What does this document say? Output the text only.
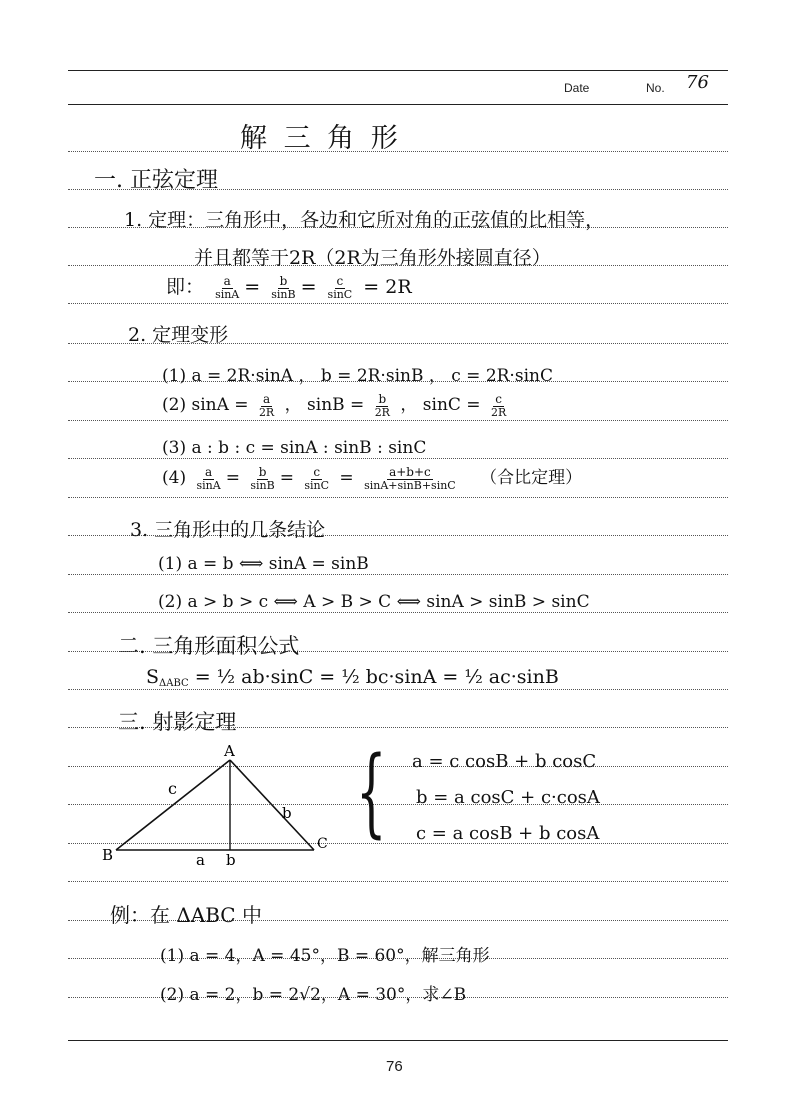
Date	No. 76
解 三 角 形
一. 正弦定理
1. 定理：三角形中，各边和它所对角的正弦值的比相等，
并且都等于2R（2R为三角形外接圆直径）
即： $\frac{a}{\sin A} = \frac{b}{\sin B} = \frac{c}{\sin C} = 2R$
2. 定理变形
(1) a = 2R·sinA ， b = 2R·sinB ， c = 2R·sinC
(2) $\sin A = \frac{a}{2R}$ ， $\sin B = \frac{b}{2R}$ ， $\sin C = \frac{c}{2R}$
(3) a : b : c = sinA : sinB : sinC
$(4) \frac{a}{\sin A} = \frac{b}{\sin B} = \frac{c}{\sin C} = \frac{a+b+c}{\sin A+\sin B+\sin C}$ （合比定理）
3. 三角形中的几条结论
(1) a = b ⟺ sinA = sinB
(2) a > b > c ⟺ A > B > C ⟺ sinA > sinB > sinC
二. 三角形面积公式
$S_{\Delta ABC}$ = ½ ab·sinC = ½ bc·sinA = ½ ac·sinB
三. 射影定理
A
B
C
c
b
a b
{ a = c cosB + b cosC
b = a cosC + c·cosA
c = a cosB + b cosA
例：在 ΔABC 中
(1) a = 4，A = 45°，B = 60°，解三角形
(2) a = 2，b = 2√2，A = 30°，求∠B
76
